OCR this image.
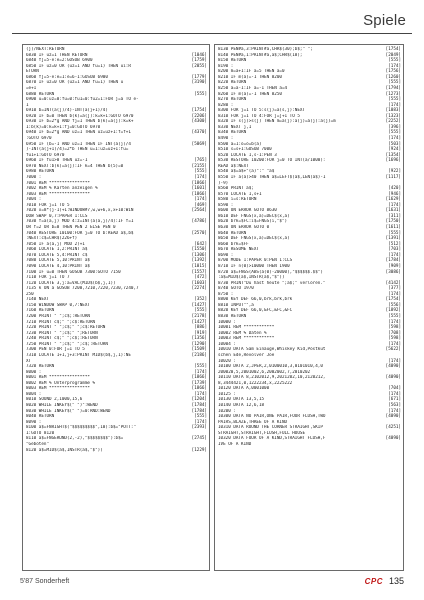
Spiele
(j)/NEXT:RETURN
6830 IF uz=1 THEN RETURN	[1046]
6840 fj=5-e:e=2:GOSUB 6900	[1759]
6850 IF uz=0 OR (uz=1 AND fu=1) THEN ui:R	[2055]
ETURN
6860 fj=5-e:e=1:e=6-1:GOSUB 6900	[1779]
6870 IF uz=0 OR (uz=1 AND fu=1) THEN u	[3190]
=e+1
6880 RETURN	[555]
6900 u=0:uz=0:fu=0:fu1=0:fu2=1:FOR j=a TO e-
1
6910 b=INT(a(j)/4)-INT(a(j+1)/4)	[1754]
6920 IF b=0 THEN b(k)=a(j):k=k+1:GOTO 6970	[2206]
6930 IF b=2*g AND fj=1 THEN b(k)=a(j):k=k+	[4300]
1:b(k)=0:k=k+1:fj=0:GOTO 6970
6940 IF b=2*g AND uz=1 THEN uz=uz+1:f=f+1	[4370]
:GOTO 6970
6950 IF (b=-1 AND uz=1 THEN IF INT(a(j)/4	[5069]
)-INT(a(j+1)/4)=2*b THEN u=1:uz=uz+1:fu=
fu1+1:GOTO 6970
6960 IF fu1>0 THEN uz=-1	[765]
6970 NEXT:b(k)=a(j):IF k=4 THEN b(5)=0	[2155]
6980 RETURN	[555]
7000 :	[174]
7001 REM ****************	[1866]
7002 REM % Karten anzeigen %	[1601]
7003 REM ****************	[1866]
7004 :	[174]
7010 FOR j=1 TO 5	[469]
7020 x=8*(j-1)+1:WINDOW#7,w,w+6,x,x+10:WIN	[2564]
DOW SWAP 0,7:PAPER 1:CLS
7030 f=a(a,j) MOD 4:z=INT(a(a,j)/4):IF f=1	[4786]
OR f=2 OR b=0 THEN PEN 2 ELSE PEN 0
7040 RESTORE 10100:FOR j=0 TO b:READ a$,b$	[2570]
:NEXT:c$=CHR$(226+f)
7050 IF a(a,j) MOD 2)+1	[642]
7060 LOCATE 1,2:PRINT a$	[1550]
7070 LOCATE 5,4:PRINT c$	[1306]
7080 LOCATE 5,10:PRINT a$	[1392]
7090 LOCATE 4,10:PRINT a$	[1015]
7100 IF u=0 THEN GOSUB 7300:GOTO 7150	[1557]
7110 FOR j=1 TO 7	[472]
7120 LOCATE 3,j:a=VAL(MID$(b$,j,1))	[1603]
7135 k ON a GOSUB 7200,7210,7220,7230,7240,7	[2274]
250
7140 NEXT	[352]
7150 WINDOW SWAP 0,7:NEXT	[1427]
7160 RETURN	[555]
7200 PRINT " ";c$;:RETURN	[2178]
7210 PRINT c$;" ";c$:RETURN	[1427]
7220 PRINT " ";c$;" ";c$:RETURN	[886]
7230 PRINT " ";c$;" ";RETURN	[919]
7240 PRINT c$;" ";c$;:RETURN	[1356]
7250 PRINT " ";c$;" ";c$;:RETURN	[1290]
7300 PEN 0:FOR j=1 TO 5	[1509]
7310 LOCATE 1+1,j+3:PRINT MID$(b$,j,1):NE	[2186]
XT
7320 RETURN	[555]
8000 :	[174]
8001 REM ****************	[1866]
8002 REM % Unterprogramme %	[1739]
8003 REM ****************	[1866]
8004 :	[174]
8010 SOUND 2,1000,15,6	[1204]
8020 WHILE INKEY$(" ")":WEND	[1784]
8030 WHILE INKEY$(" ")=0:RND:WEND	[1784]
8040 RETURN	[555]
8090 :	[174]
8100 a$=FNRIGHT$("$$$$$$$$$",10):b$="POTT:"	[2393]
1:GOTO 8120
8110 a$=FNGERUND(2,-2),"$$$$$$$$"):b$=	[2745]
"Geboten"
8120 a$=MID$(a$,INSTR(a$,"$"))	[1229]
8130 PEN#a,3:PRINT#a,CHR$(30);b$;" ";	[1754]
8140 PEN#a,1:PRINT#a,a$;CHR$(18);	[2049]
8150 RETURN	[555]
8190 :	[174]
8200 m=a+1:IF a=5 THEN a=0	[1756]
8210 IF m(a)=-1 THEN 8200	[1260]
8220 RETURN	[555]
8250 a=a-1:IF a=-1 THEN a=4	[1794]
8260 IF m(a)=-1 THEN 8250	[1273]
8270 RETURN	[555]
8280 :	[174]
8300 FOR j=1 TO 5:s(j)=a(s,j):NEXT	[1083]
8310 FOR j=1 TO 4:FOR j=j+1 TO 5	[1323]
8320 IF s(j)>s(j) THEN m=a(j):a(j)=a(j):a(j)=m	[2252]
8330 NEXT j,1	[396]
8340 RETURN	[555]
8490 :	[174]
8500 a=1:o=o=b(a)	[503]
8510 s=s+1:GOSUB 7000	[924]
8520 LOCATE 1,s-1:PEN 3	[1354]
8530 RESTORE 10200:FOR j=0 TO INT(a/1000):	[1696]
READ a$:NEXT
8540 a$=a$+"(a)":" "a$	[922]
8550 IF a(a)>40 THEN a$=LEFT$(a$,LEN(a$)-1	[1117]
)-9)
8560 PRINT a$;	[420]
8570 LOCATE 1,s+1	[946]
8580 i=s:RETURN	[1629]
8590 :	[174]
8600 ON ERROR GOTO 8630	[1631]
8610 DEF FNGS(x,a)=DEC$(x,a)	[311]
8620 brk=$FC:i$=FNGS(i,"$")	[1750]
8630 ON ERROR GOTO 0	[1611]
8640 RETURN	[555]
8650 DEF FNGS(x,a)=DEC$(x,a)	[1391]
8660 brk=$FF	[512]
8670 RESUME NEXT	[703]
8690 :	[174]
8700 MODE 1:PAPER 0:PEN 1:CLS	[1784]
8710 IF n(0)>10000 THEN 1900	[909]
8720 a$=FNGS(ABS(a(0)-20000),"$$$$$$.$$")	[3086]
:a$=MID$(a$,INSTR(a$,"$"))
8730 PRINT"Du hast heute ";a$;" verloren."	[4142]
8740 GOTO 1970	[377]
8750 :	[174]
8800 KEY DEF 66,0,brk,brk,brk	[1754]
8810 INPUT"",a	[556]
8820 KEY DEF 66,0,&FC,&FC,&FC	[1892]
8830 RETURN	[555]
10000 :	[174]
10001 REM ************	[598]
10002 REM % Daten %	[708]
10003 REM ************	[598]
10004 :	[174]
10010 DATA Sam Einauge,Whiskey Kid,Postkut	[5622]
schen Ede,Revolver Joe
10020 :	[174]
10100 DATA 2,JPER,2,0100010,3,0101010,4,0	[4090]
200020,5,2001002,6,2002002,7,2010202
10110 DATA 8,2102012,9,2021202,10,2120212,	[4090]
8,3444421,0,1222234,x,2225222
10120 DATA A,0001000	[704]
10125 :	[174]
10130 DATA 13,5,15	[671]
10140 DATA 12,6,18	[563]
10200 :	[174]
10300 DATA NO PAIR,ONE PAIR,FOUR FLUSH,TWO	[4090]
PAIRS,BLAZE,THREE OF A KIND
10310 DATA ROUND THE CORNER STRAIGHT,SKIP	[4251]
STRAIGHT,STRAIGHT,FLUSH,FULL HOUSE
10320 DATA FOUR OF A KIND,STRAIGHT FLUSH,F	[4090]
IVE OF A KIND
5'87 Sonderheft	CPC 135
